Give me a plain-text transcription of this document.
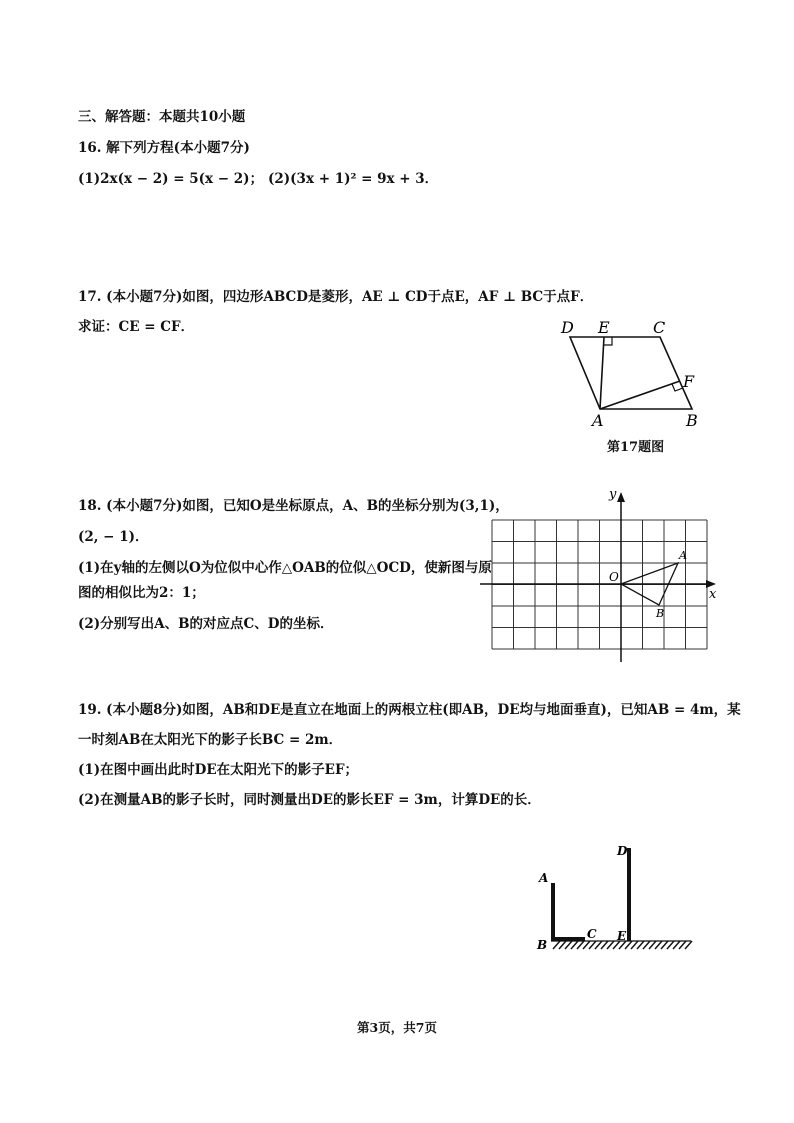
三、解答题：本题共10小题
16. 解下列方程(本小题7分)
(1)2x(x − 2) = 5(x − 2)； (2)(3x + 1)² = 9x + 3．
17. (本小题7分)如图，四边形ABCD是菱形，AE ⊥ CD于点E，AF ⊥ BC于点F．
求证：CE = CF．	D E	C
F
A	B
第17题图
18. (本小题7分)如图，已知O是坐标原点，A、B的坐标分别为(3,1)，
(2, − 1)．
(1)在y轴的左侧以O为位似中心作△OAB的位似△OCD，使新图与原
图的相似比为2：1；
(2)分别写出A、B的对应点C、D的坐标．
y
x
O
A
B
19. (本小题8分)如图，AB和DE是直立在地面上的两根立柱(即AB，DE均与地面垂直)，已知AB = 4m，某
一时刻AB在太阳光下的影子长BC = 2m．
(1)在图中画出此时DE在太阳光下的影子EF；
(2)在测量AB的影子长时，同时测量出DE的影长EF = 3m，计算DE的长．
A
B
C
D
E
第3页，共7页
